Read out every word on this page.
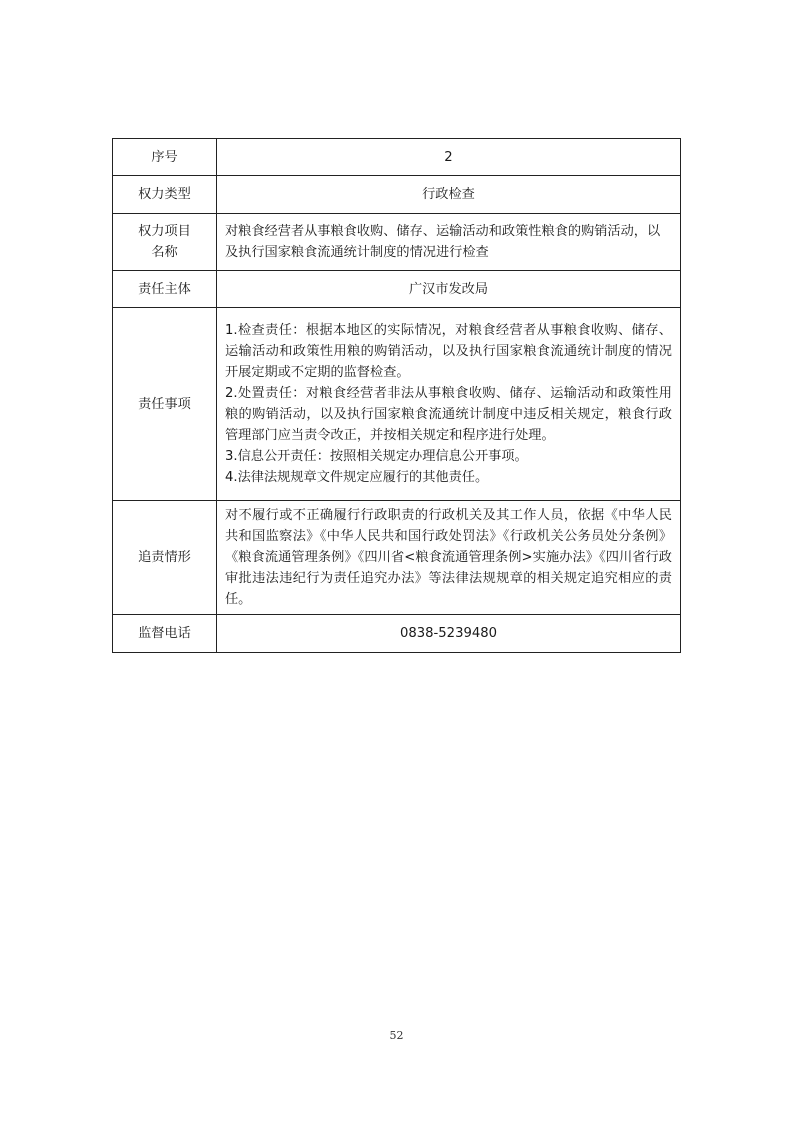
序号	2
权力类型	行政检查
权力项目
名称	对粮食经营者从事粮食收购、储存、运输活动和政策性粮食的购销活动，以及执行国家粮食流通统计制度的情况进行检查
责任主体	广汉市发改局
责任事项	1.检查责任：根据本地区的实际情况，对粮食经营者从事粮食收购、储存、运输活动和政策性用粮的购销活动，以及执行国家粮食流通统计制度的情况开展定期或不定期的监督检查。

2.处置责任：对粮食经营者非法从事粮食收购、储存、运输活动和政策性用粮的购销活动，以及执行国家粮食流通统计制度中违反相关规定，粮食行政管理部门应当责令改正，并按相关规定和程序进行处理。

3.信息公开责任：按照相关规定办理信息公开事项。

4.法律法规规章文件规定应履行的其他责任。

追责情形	对不履行或不正确履行行政职责的行政机关及其工作人员，依据《中华人民共和国监察法》《中华人民共和国行政处罚法》《行政机关公务员处分条例》《粮食流通管理条例》《四川省<粮食流通管理条例>实施办法》《四川省行政审批违法违纪行为责任追究办法》等法律法规规章的相关规定追究相应的责任。

监督电话	0838-5239480
52
